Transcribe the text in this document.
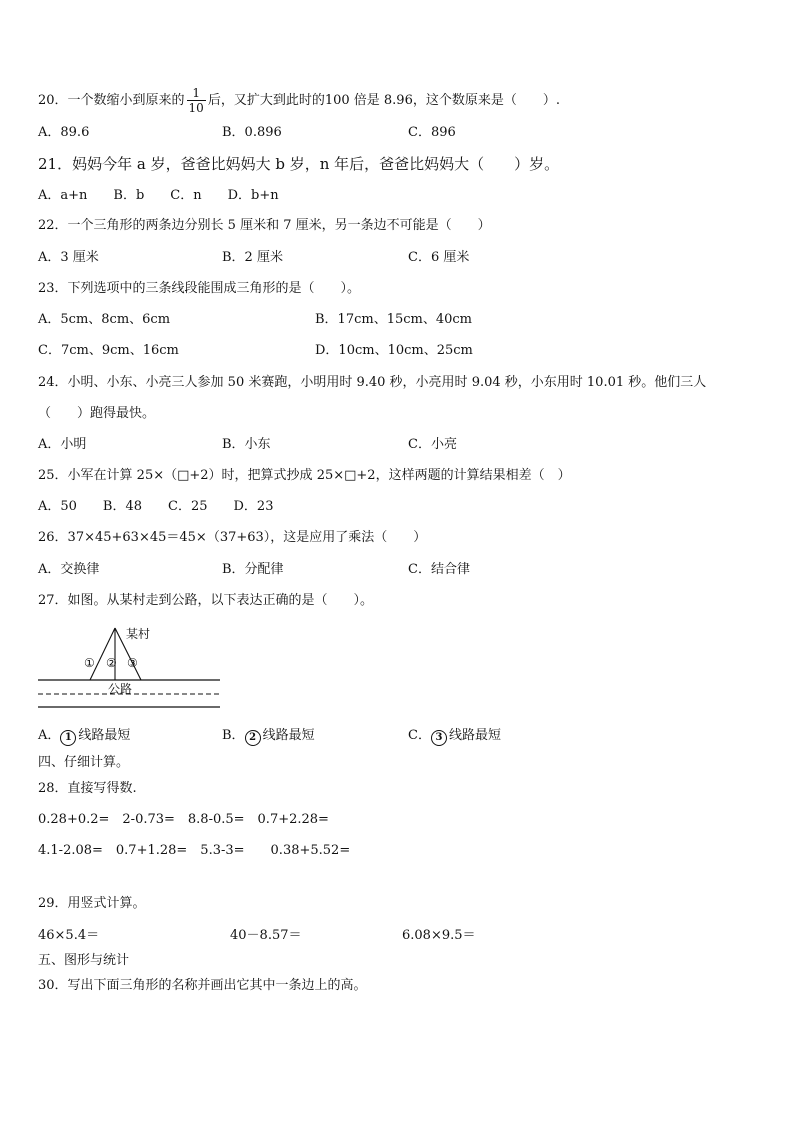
20．一个数缩小到原来的 $\frac{1}{10}$ 后，又扩大到此时的100 倍是 8.96，这个数原来是（　　）.
A．89.6	B．0.896	C．896
21．妈妈今年 a 岁，爸爸比妈妈大 b 岁，n 年后，爸爸比妈妈大（　　）岁。
A．a+n　　B．b　　C．n　　D．b+n
22．一个三角形的两条边分别长 5 厘米和 7 厘米，另一条边不可能是（　　）
A．3 厘米	B．2 厘米	C．6 厘米
23．下列选项中的三条线段能围成三角形的是（　　）。
A．5cm、8cm、6cm	B．17cm、15cm、40cm
C．7cm、9cm、16cm	D．10cm、10cm、25cm
24．小明、小东、小亮三人参加 50 米赛跑，小明用时 9.40 秒，小亮用时 9.04 秒，小东用时 10.01 秒。他们三人
（　　）跑得最快。
A．小明	B．小东	C．小亮
25．小军在计算 25×（□+2）时，把算式抄成 25×□+2，这样两题的计算结果相差（　）
A．50　　B．48　　C．25　　D．23
26．37×45+63×45＝45×（37+63），这是应用了乘法（　　）
A．交换律	B．分配律	C．结合律
27．如图。从某村走到公路，以下表达正确的是（　　）。
某村
① ② ③
公路
A． 1 线路最短	B． 2 线路最短	C． 3 线路最短
四、仔细计算。
28．直接写得数.
0.28+0.2=　2-0.73=　8.8-0.5=　0.7+2.28=
4.1-2.08=　0.7+1.28=　5.3-3=　　0.38+5.52=
29．用竖式计算。
46×5.4＝	40－8.57＝	6.08×9.5＝
五、图形与统计
30．写出下面三角形的名称并画出它其中一条边上的高。
